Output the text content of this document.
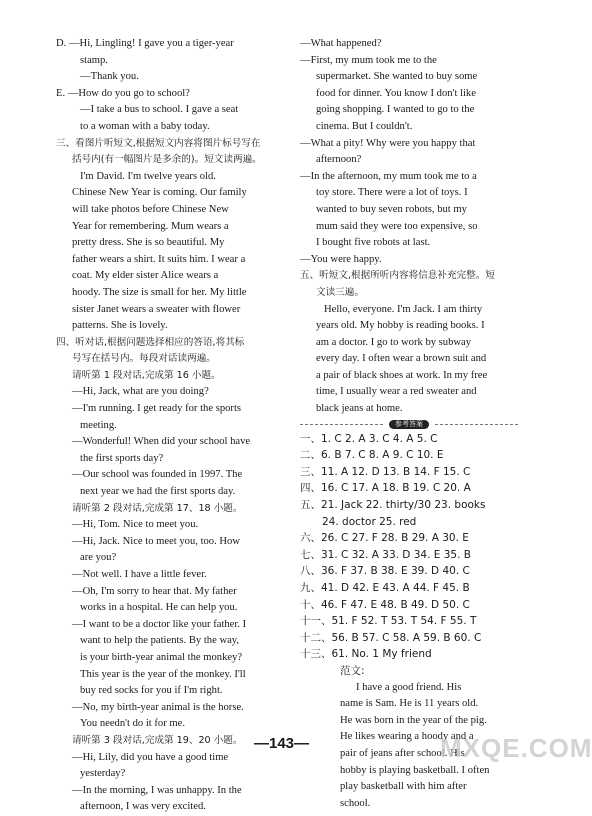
D. —Hi, Lingling! I gave you a tiger-year
stamp.
—Thank you.
E. —How do you go to school?
—I take a bus to school. I gave a seat
to a woman with a baby today.
三、看图片听短文,根据短文内容将图片标号写在
括号内(有一幅图片是多余的)。短文读两遍。
I'm David. I'm twelve years old.
Chinese New Year is coming. Our family
will take photos before Chinese New
Year for remembering. Mum wears a
pretty dress. She is so beautiful. My
father wears a shirt. It suits him. I wear a
coat. My elder sister Alice wears a
hoody. The size is small for her. My little
sister Janet wears a sweater with flower
patterns. She is lovely.
四、听对话,根据问题选择相应的答语,将其标
号写在括号内。每段对话读两遍。
请听第 1 段对话,完成第 16 小题。
—Hi, Jack, what are you doing?
—I'm running. I get ready for the sports
meeting.
—Wonderful! When did your school have
the first sports day?
—Our school was founded in 1997. The
next year we had the first sports day.
请听第 2 段对话,完成第 17、18 小题。
—Hi, Tom. Nice to meet you.
—Hi, Jack. Nice to meet you, too. How
are you?
—Not well. I have a little fever.
—Oh, I'm sorry to hear that. My father
works in a hospital. He can help you.
—I want to be a doctor like your father. I
want to help the patients. By the way,
is your birth-year animal the monkey?
This year is the year of the monkey. I'll
buy red socks for you if I'm right.
—No, my birth-year animal is the horse.
You needn't do it for me.
请听第 3 段对话,完成第 19、20 小题。
—Hi, Lily, did you have a good time
yesterday?
—In the morning, I was unhappy. In the
afternoon, I was very excited.
—What happened?
—First, my mum took me to the
supermarket. She wanted to buy some
food for dinner. You know I don't like
going shopping. I wanted to go to the
cinema. But I couldn't.
—What a pity! Why were you happy that
afternoon?
—In the afternoon, my mum took me to a
toy store. There were a lot of toys. I
wanted to buy seven robots, but my
mum said they were too expensive, so
I bought five robots at last.
—You were happy.
五、听短文,根据所听内容将信息补充完整。短
文读三遍。
Hello, everyone. I'm Jack. I am thirty
years old. My hobby is reading books. I
am a doctor. I go to work by subway
every day. I often wear a brown suit and
a pair of black shoes at work. In my free
time, I usually wear a red sweater and
black jeans at home.
参考答案
一、1. C 2. A 3. C 4. A 5. C
二、6. B 7. C 8. A 9. C 10. E
三、11. A 12. D 13. B 14. F 15. C
四、16. C 17. A 18. B 19. C 20. A
五、21. Jack 22. thirty/30 23. books
24. doctor 25. red
六、26. C 27. F 28. B 29. A 30. E
七、31. C 32. A 33. D 34. E 35. B
八、36. F 37. B 38. E 39. D 40. C
九、41. D 42. E 43. A 44. F 45. B
十、46. F 47. E 48. B 49. D 50. C
十一、51. F 52. T 53. T 54. F 55. T
十二、56. B 57. C 58. A 59. B 60. C
十三、61. No. 1 My friend
范文:
I have a good friend. His
name is Sam. He is 11 years old.
He was born in the year of the pig.
He likes wearing a hoody and a
pair of jeans after school. His
hobby is playing basketball. I often
play basketball with him after
school.
—143—	MXQE.COM
